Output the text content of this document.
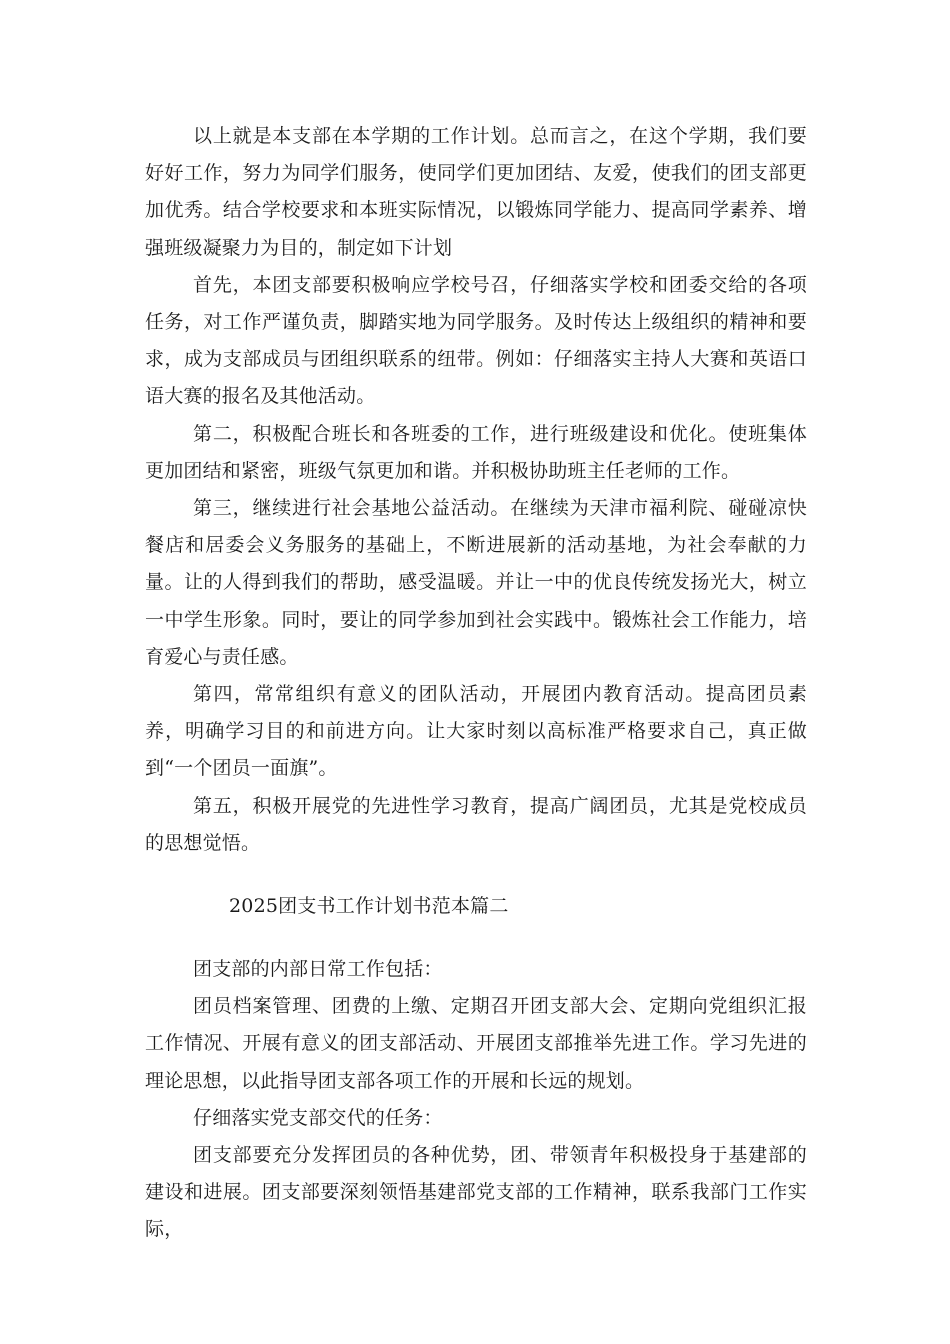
以上就是本支部在本学期的工作计划。总而言之，在这个学期，我们要好好工作，努力为同学们服务，使同学们更加团结、友爱，使我们的团支部更加优秀。结合学校要求和本班实际情况，以锻炼同学能力、提高同学素养、增强班级凝聚力为目的，制定如下计划

首先，本团支部要积极响应学校号召，仔细落实学校和团委交给的各项任务，对工作严谨负责，脚踏实地为同学服务。及时传达上级组织的精神和要求，成为支部成员与团组织联系的纽带。例如：仔细落实主持人大赛和英语口语大赛的报名及其他活动。

第二，积极配合班长和各班委的工作，进行班级建设和优化。使班集体更加团结和紧密，班级气氛更加和谐。并积极协助班主任老师的工作。

第三，继续进行社会基地公益活动。在继续为天津市福利院、碰碰凉快餐店和居委会义务服务的基础上，不断进展新的活动基地，为社会奉献的力量。让的人得到我们的帮助，感受温暖。并让一中的优良传统发扬光大，树立一中学生形象。同时，要让的同学参加到社会实践中。锻炼社会工作能力，培育爱心与责任感。

第四，常常组织有意义的团队活动，开展团内教育活动。提高团员素养，明确学习目的和前进方向。让大家时刻以高标准严格要求自己，真正做到“一个团员一面旗”。

第五，积极开展党的先进性学习教育，提高广阔团员，尤其是党校成员的思想觉悟。

2025团支书工作计划书范本篇二

团支部的内部日常工作包括：

团员档案管理、团费的上缴、定期召开团支部大会、定期向党组织汇报工作情况、开展有意义的团支部活动、开展团支部推举先进工作。学习先进的理论思想，以此指导团支部各项工作的开展和长远的规划。

仔细落实党支部交代的任务：

团支部要充分发挥团员的各种优势，团、带领青年积极投身于基建部的建设和进展。团支部要深刻领悟基建部党支部的工作精神，联系我部门工作实际，
